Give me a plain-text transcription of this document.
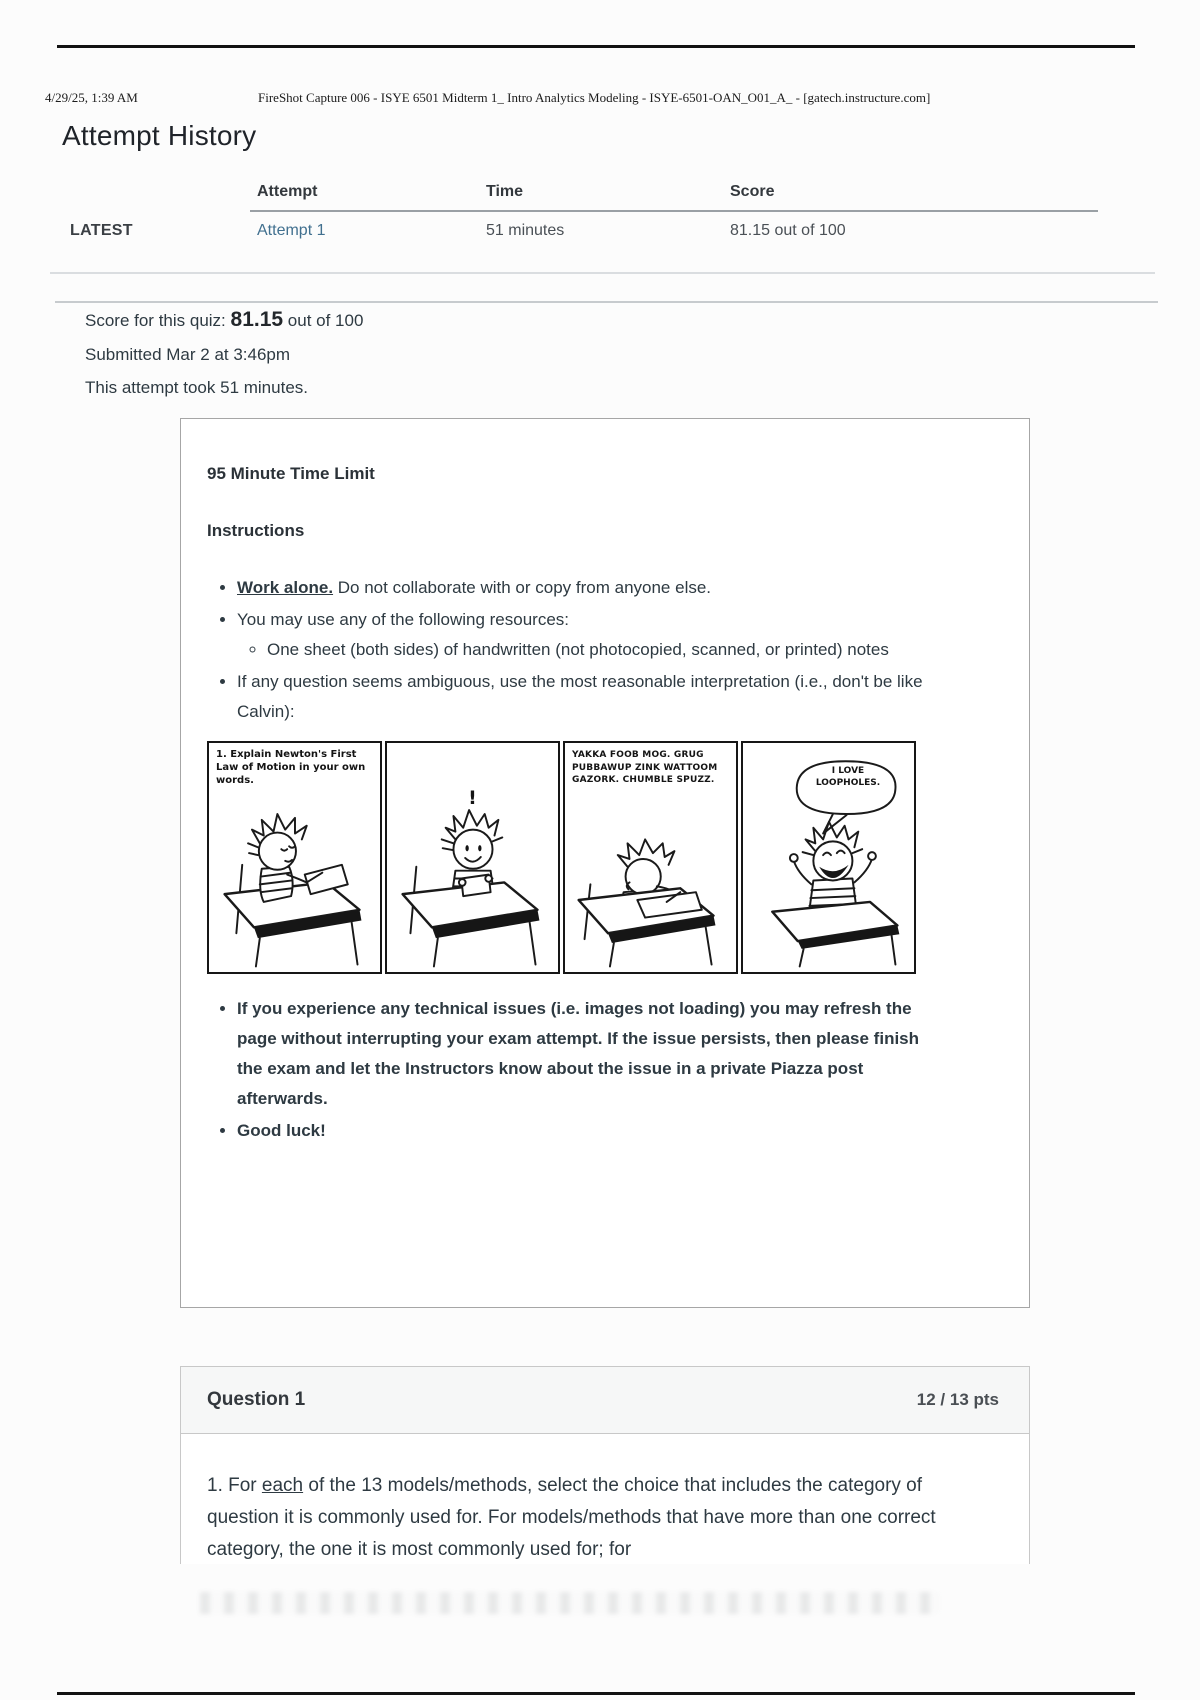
4/29/25, 1:39 AM	FireShot Capture 006 - ISYE 6501 Midterm 1_ Intro Analytics Modeling - ISYE-6501-OAN_O01_A_ - [gatech.instructure.com]
Attempt History
Attempt	Time	Score
LATEST	Attempt 1	51 minutes	81.15 out of 100
Score for this quiz: 81.15 out of 100
Submitted Mar 2 at 3:46pm
This attempt took 51 minutes.
95 Minute Time Limit
Instructions
• Work alone. Do not collaborate with or copy from anyone else.
• You may use any of the following resources:
◦ One sheet (both sides) of handwritten (not photocopied, scanned, or printed) notes
• If any question seems ambiguous, use the most reasonable interpretation (i.e., don't be like Calvin):
1. Explain Newton's First Law of Motion in your own words.
!
YAKKA FOOB MOG. GRUG PUBBAWUP ZINK WATTOOM GAZORK. CHUMBLE SPUZZ.
I LOVE LOOPHOLES.
• If you experience any technical issues (i.e. images not loading) you may refresh the page without interrupting your exam attempt. If the issue persists, then please finish the exam and let the Instructors know about the issue in a private Piazza post afterwards.
• Good luck!
Question 1	12 / 13 pts
1. For each of the 13 models/methods, select the choice that includes the category of question it is commonly used for. For models/methods that have more than one correct category, the one it is most commonly used for; for
